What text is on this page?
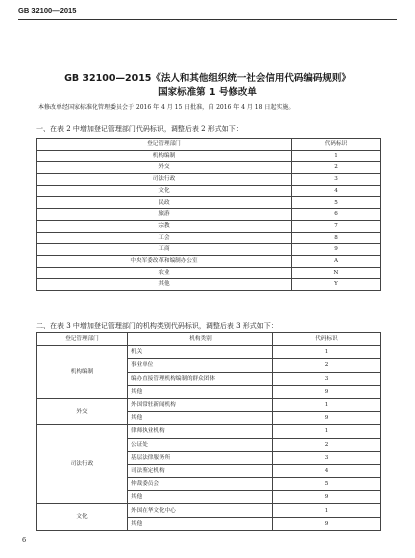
GB 32100—2015
GB 32100—2015《法人和其他组织统一社会信用代码编码规则》
国家标准第 1 号修改单
本修改单经国家标准化管理委员会于 2016 年 4 月 15 日批准，自 2016 年 4 月 18 日起实施。
一、在表 2 中增加登记管理部门代码标识，调整后表 2 形式如下：
登记管理部门	代码标识
机构编制	1
外交	2
司法行政	3
文化	4
民政	5
旅游	6
宗教	7
工会	8
工商	9
中央军委改革和编制办公室	A
农业	N
其他	Y
二、在表 3 中增加登记管理部门的机构类别代码标识，调整后表 3 形式如下：
登记管理部门	机构类别	代码标识
机构编制	机关	1
	事业单位	2
	编办直接管理机构编制的群众团体	3
	其他	9
外交	外国常驻新闻机构	1
	其他	9
司法行政	律师执业机构	1
	公证处	2
	基层法律服务所	3
	司法鉴定机构	4
	仲裁委员会	5
	其他	9
文化	外国在华文化中心	1
	其他	9
6
